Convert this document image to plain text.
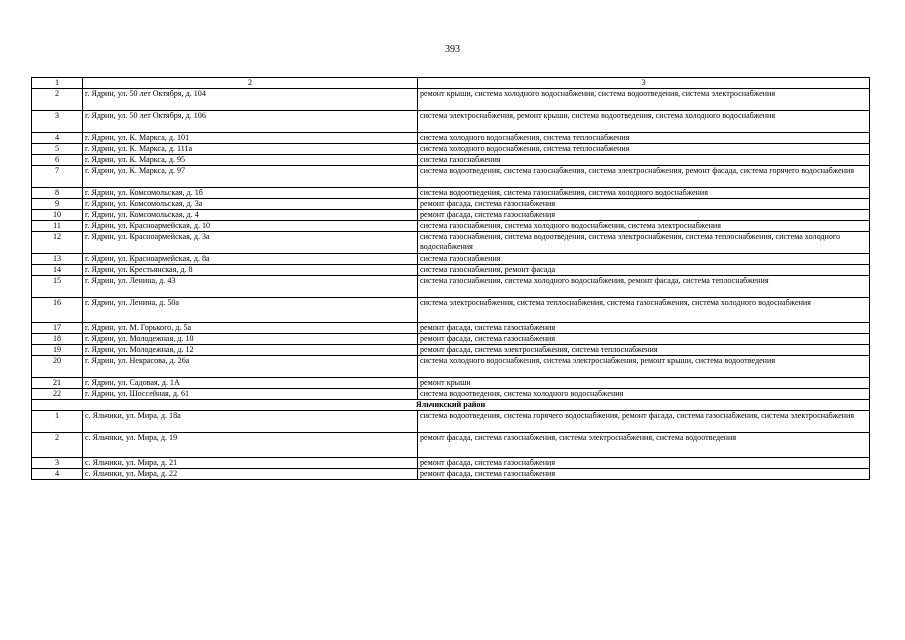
393
1	2	3
2	г. Ядрин, ул. 50 лет Октября, д. 104	ремонт крыши, система холодного водоснабжения, система водоотведения, система электроснабжения
3	г. Ядрин, ул. 50 лет Октября, д. 106	система электроснабжения, ремонт крыши, система водоотведения, система холодного водоснабжения
4	г. Ядрин, ул. К. Маркса, д. 101	система холодного водоснабжения, система теплоснабжения
5	г. Ядрин, ул. К. Маркса, д. 111а	система холодного водоснабжения, система теплоснабжения
6	г. Ядрин, ул. К. Маркса, д. 95	система газоснабжения
7	г. Ядрин, ул. К. Маркса, д. 97	система водоотведения, система газоснабжения, система электроснабжения, ремонт фасада, система горячего водоснабжения
8	г. Ядрин, ул. Комсомольская, д. 1б	система водоотведения, система газоснабжения, система холодного водоснабжения
9	г. Ядрин, ул. Комсомольская, д. 3а	ремонт фасада, система газоснабжения
10	г. Ядрин, ул. Комсомольская, д. 4	ремонт фасада, система газоснабжения
11	г. Ядрин, ул. Красноармейская, д. 10	система газоснабжения, система холодного водоснабжения, система электроснабжения
12	г. Ядрин, ул. Красноармейская, д. 3а	система газоснабжения, система водоотведения, система электроснабжения, система теплоснабжения, система холодного водоснабжения
13	г. Ядрин, ул. Красноармейская, д. 8а	система газоснабжения
14	г. Ядрин, ул. Крестьянская, д. 8	система газоснабжения, ремонт фасада
15	г. Ядрин, ул. Ленина, д. 43	система газоснабжения, система холодного водоснабжения, ремонт фасада, система теплоснабжения
16	г. Ядрин, ул. Ленина, д. 50а	система электроснабжения, система теплоснабжения, система газоснабжения, система холодного водоснабжения
17	г. Ядрин, ул. М. Горького, д. 5а	ремонт фасада, система газоснабжения
18	г. Ядрин, ул. Молодежная, д. 10	ремонт фасада, система газоснабжения
19	г. Ядрин, ул. Молодежная, д. 12	ремонт фасада, система электроснабжения, система теплоснабжения
20	г. Ядрин, ул. Некрасова, д. 26а	система холодного водоснабжения, система электроснабжения, ремонт крыши, система водоотведения
21	г. Ядрин, ул. Садовая, д. 1А	ремонт крыши
22	г. Ядрин, ул. Шоссейная, д. 61	система водоотведения, система холодного водоснабжения
Яльчикский район		
1	с. Яльчики, ул. Мира, д. 18а	система водоотведения, система горячего водоснабжения, ремонт фасада, система газоснабжения, система электроснабжения
2	с. Яльчики, ул. Мира, д. 19	ремонт фасада, система газоснабжения, система электроснабжения, система водоотведения
3	с. Яльчики, ул. Мира, д. 21	ремонт фасада, система газоснабжения
4	с. Яльчики, ул. Мира, д. 22	ремонт фасада, система газоснабжения
